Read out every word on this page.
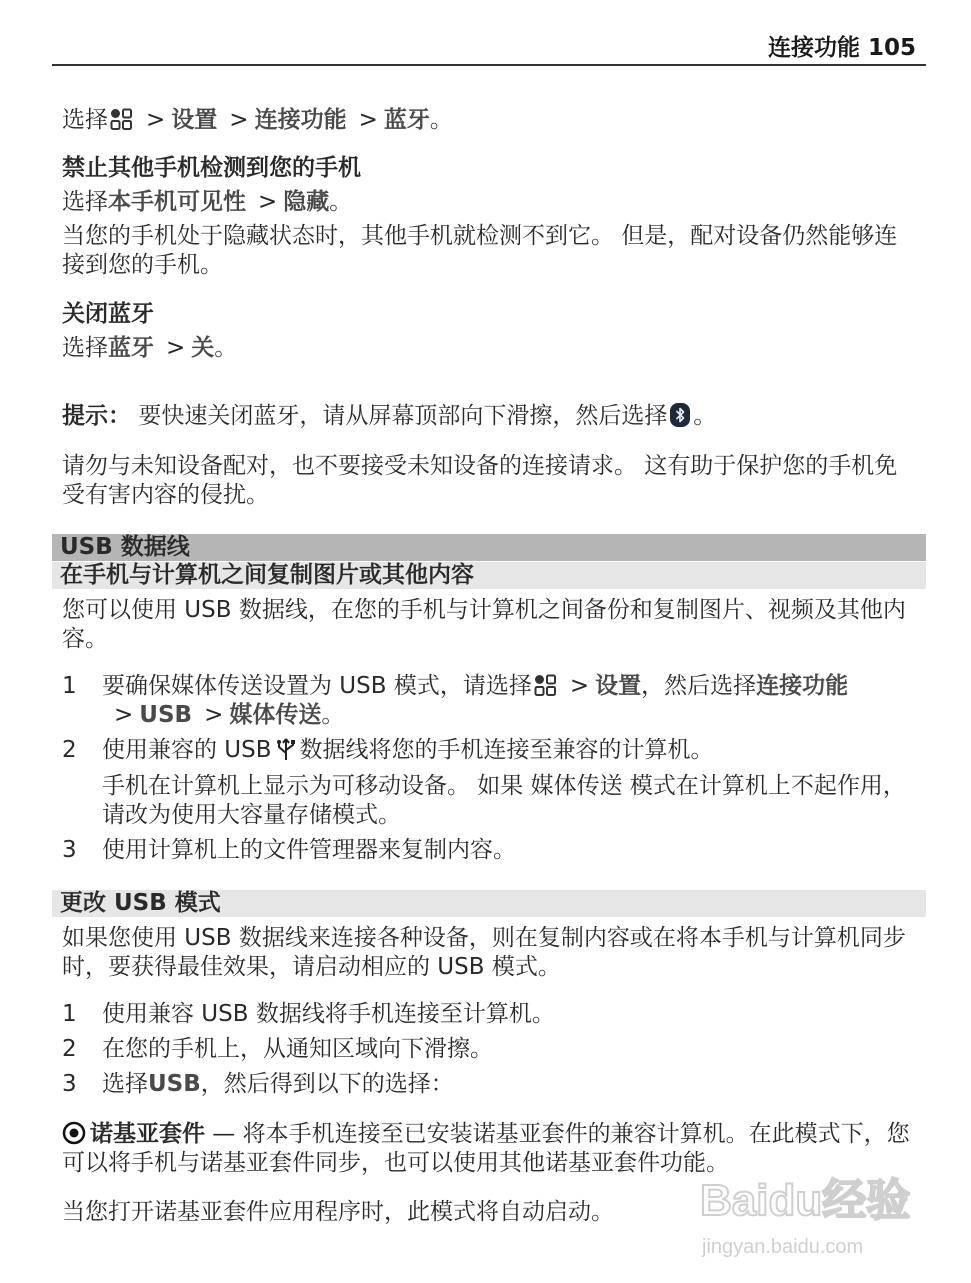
连接功能 105
选择 > 设置 > 连接功能 > 蓝牙。
禁止其他手机检测到您的手机
选择本手机可见性 > 隐藏。
当您的手机处于隐藏状态时，其他手机就检测不到它。 但是，配对设备仍然能够连接到您的手机。
关闭蓝牙
选择蓝牙 > 关。
提示： 要快速关闭蓝牙，请从屏幕顶部向下滑擦，然后选择 。
请勿与未知设备配对，也不要接受未知设备的连接请求。 这有助于保护您的手机免受有害内容的侵扰。
USB 数据线
在手机与计算机之间复制图片或其他内容
您可以使用 USB 数据线，在您的手机与计算机之间备份和复制图片、视频及其他内容。
1 要确保媒体传送设置为 USB 模式，请选择 > 设置，然后选择连接功能> USB > 媒体传送。
2 使用兼容的 USB 数据线将您的手机连接至兼容的计算机。
手机在计算机上显示为可移动设备。 如果 媒体传送 模式在计算机上不起作用，请改为使用大容量存储模式。
3 使用计算机上的文件管理器来复制内容。
更改 USB 模式
如果您使用 USB 数据线来连接各种设备，则在复制内容或在将本手机与计算机同步时，要获得最佳效果，请启动相应的 USB 模式。
1 使用兼容 USB 数据线将手机连接至计算机。
2 在您的手机上，从通知区域向下滑擦。
3 选择USB，然后得到以下的选择：
诺基亚套件 — 将本手机连接至已安装诺基亚套件的兼容计算机。在此模式下，您可以将手机与诺基亚套件同步，也可以使用其他诺基亚套件功能。
当您打开诺基亚套件应用程序时，此模式将自动启动。	Baidu经验
jingyan.baidu.com
